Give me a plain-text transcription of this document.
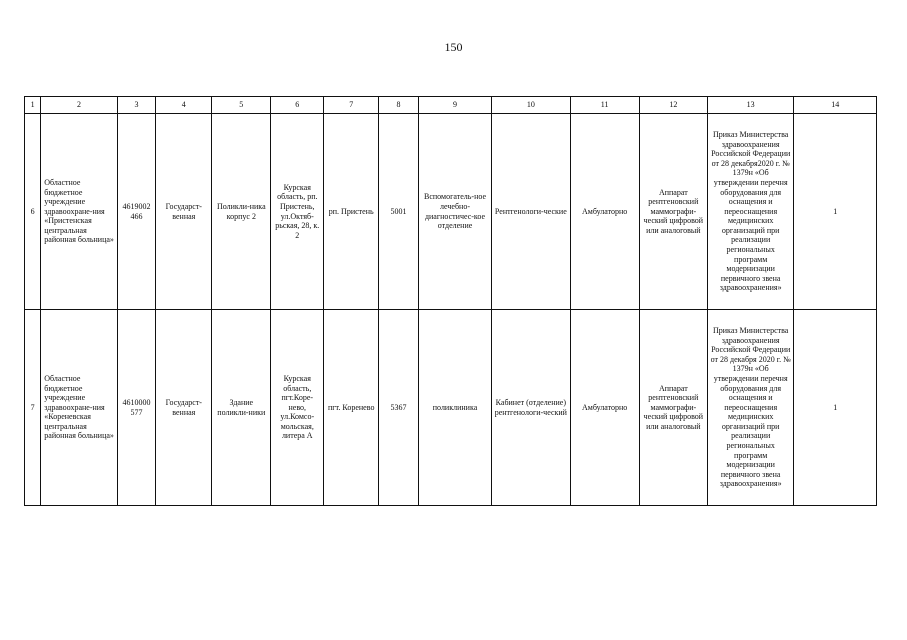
150
1	2	3	4	5	6	7	8	9	10	11	12	13	14
6	Областное бюджетное учреждение здравоохране-ния «Пристенская центральная районная больница»	4619002 466	Государст-венная	Поликли-ника корпус 2	Курская область, рп. Пристень, ул.Октяб-рьская, 28, к. 2	рп. Пристень	5001	Вспомогатель-ное лечебно-диагностичес-кое отделение	Рентгенологи-ческие	Амбулаторно	Аппарат рентгеновский маммографи-ческий цифровой или аналоговый	Приказ Министерства здравоохранения Российской Федерации от 28 декабря2020 г. № 1379н «Об утверждении перечня оборудования для оснащения и переоснащения медицинских организаций при реализации региональных программ модернизации первичного звена здравоохранения»	1
7	Областное бюджетное учреждение здравоохране-ния «Кореневская центральная районная больница»	4610000 577	Государст-венная	Здание поликли-ники	Курская область, пгт.Коре-нево, ул.Комсо-мольская, литера А	пгт. Коренево	5367	поликлиника	Кабинет (отделение) рентгенологи-ческий	Амбулаторно	Аппарат рентгеновский маммографи-ческий цифровой или аналоговый	Приказ Министерства здравоохранения Российской Федерации от 28 декабря 2020 г. № 1379н «Об утверждении перечня оборудования для оснащения и переоснащения медицинских организаций при реализации региональных программ модернизации первичного звена здравоохранения»	1
